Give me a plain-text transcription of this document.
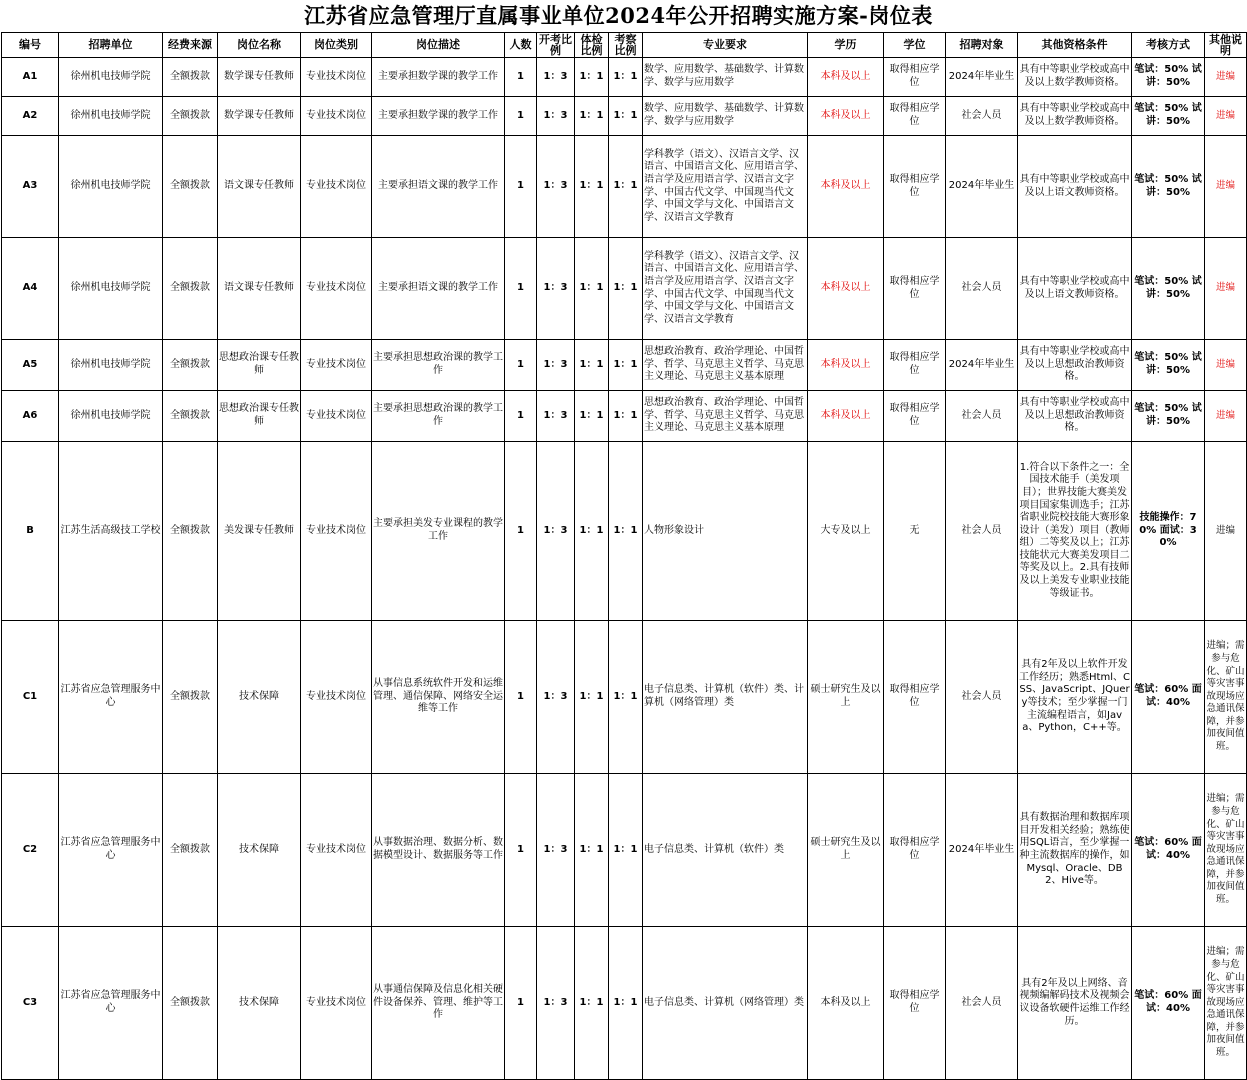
江苏省应急管理厅直属事业单位2024年公开招聘实施方案-岗位表
编号	招聘单位	经费来源	岗位名称	岗位类别	岗位描述	人数	开考比例	体检比例	考察比例	专业要求	学历	学位	招聘对象	其他资格条件	考核方式	其他说明
A1	徐州机电技师学院	全额拨款	数学课专任教师	专业技术岗位	主要承担数学课的教学工作	1	1：3	1：1	1：1	数学、应用数学、基础数学、计算数学、数学与应用数学	本科及以上	取得相应学位	2024年毕业生	具有中等职业学校或高中及以上数学教师资格。	笔试：50% 试讲：50%	进编
A2	徐州机电技师学院	全额拨款	数学课专任教师	专业技术岗位	主要承担数学课的教学工作	1	1：3	1：1	1：1	数学、应用数学、基础数学、计算数学、数学与应用数学	本科及以上	取得相应学位	社会人员	具有中等职业学校或高中及以上数学教师资格。	笔试：50% 试讲：50%	进编
A3	徐州机电技师学院	全额拨款	语文课专任教师	专业技术岗位	主要承担语文课的教学工作	1	1：3	1：1	1：1	学科教学（语文）、汉语言文学、汉语言、中国语言文化、应用语言学、语言学及应用语言学、汉语言文字学、中国古代文学、中国现当代文学、中国文学与文化、中国语言文学、汉语言文学教育	本科及以上	取得相应学位	2024年毕业生	具有中等职业学校或高中及以上语文教师资格。	笔试：50% 试讲：50%	进编
A4	徐州机电技师学院	全额拨款	语文课专任教师	专业技术岗位	主要承担语文课的教学工作	1	1：3	1：1	1：1	学科教学（语文）、汉语言文学、汉语言、中国语言文化、应用语言学、语言学及应用语言学、汉语言文字学、中国古代文学、中国现当代文学、中国文学与文化、中国语言文学、汉语言文学教育	本科及以上	取得相应学位	社会人员	具有中等职业学校或高中及以上语文教师资格。	笔试：50% 试讲：50%	进编
A5	徐州机电技师学院	全额拨款	思想政治课专任教师	专业技术岗位	主要承担思想政治课的教学工作	1	1：3	1：1	1：1	思想政治教育、政治学理论、中国哲学、哲学、马克思主义哲学、马克思主义理论、马克思主义基本原理	本科及以上	取得相应学位	2024年毕业生	具有中等职业学校或高中及以上思想政治教师资格。	笔试：50% 试讲：50%	进编
A6	徐州机电技师学院	全额拨款	思想政治课专任教师	专业技术岗位	主要承担思想政治课的教学工作	1	1：3	1：1	1：1	思想政治教育、政治学理论、中国哲学、哲学、马克思主义哲学、马克思主义理论、马克思主义基本原理	本科及以上	取得相应学位	社会人员	具有中等职业学校或高中及以上思想政治教师资格。	笔试：50% 试讲：50%	进编
B	江苏生活高级技工学校	全额拨款	美发课专任教师	专业技术岗位	主要承担美发专业课程的教学工作	1	1：3	1：1	1：1	人物形象设计	大专及以上	无	社会人员	1.符合以下条件之一：全国技术能手（美发项目）；世界技能大赛美发项目国家集训选手；江苏省职业院校技能大赛形象设计（美发）项目（教师组）二等奖及以上；江苏技能状元大赛美发项目二等奖及以上。2.具有技师及以上美发专业职业技能等级证书。	技能操作：70% 面试：30%	进编
C1	江苏省应急管理服务中心	全额拨款	技术保障	专业技术岗位	从事信息系统软件开发和运维管理、通信保障、网络安全运维等工作	1	1：3	1：1	1：1	电子信息类、计算机（软件）类、计算机（网络管理）类	硕士研究生及以上	取得相应学位	社会人员	具有2年及以上软件开发工作经历；熟悉Html、CSS、JavaScript、JQuery等技术；至少掌握一门主流编程语言，如Java、Python，C++等。	笔试：60% 面试：40%	进编；需参与危化、矿山等灾害事故现场应急通讯保障，并参加夜间值班。
C2	江苏省应急管理服务中心	全额拨款	技术保障	专业技术岗位	从事数据治理、数据分析、数据模型设计、数据服务等工作	1	1：3	1：1	1：1	电子信息类、计算机（软件）类	硕士研究生及以上	取得相应学位	2024年毕业生	具有数据治理和数据库项目开发相关经验；熟练使用SQL语言，至少掌握一种主流数据库的操作，如Mysql、Oracle、DB2、Hive等。	笔试：60% 面试：40%	进编；需参与危化、矿山等灾害事故现场应急通讯保障，并参加夜间值班。
C3	江苏省应急管理服务中心	全额拨款	技术保障	专业技术岗位	从事通信保障及信息化相关硬件设备保养、管理、维护等工作	1	1：3	1：1	1：1	电子信息类、计算机（网络管理）类	本科及以上	取得相应学位	社会人员	具有2年及以上网络、音视频编解码技术及视频会议设备软硬件运维工作经历。	笔试：60% 面试：40%	进编；需参与危化、矿山等灾害事故现场应急通讯保障，并参加夜间值班。
